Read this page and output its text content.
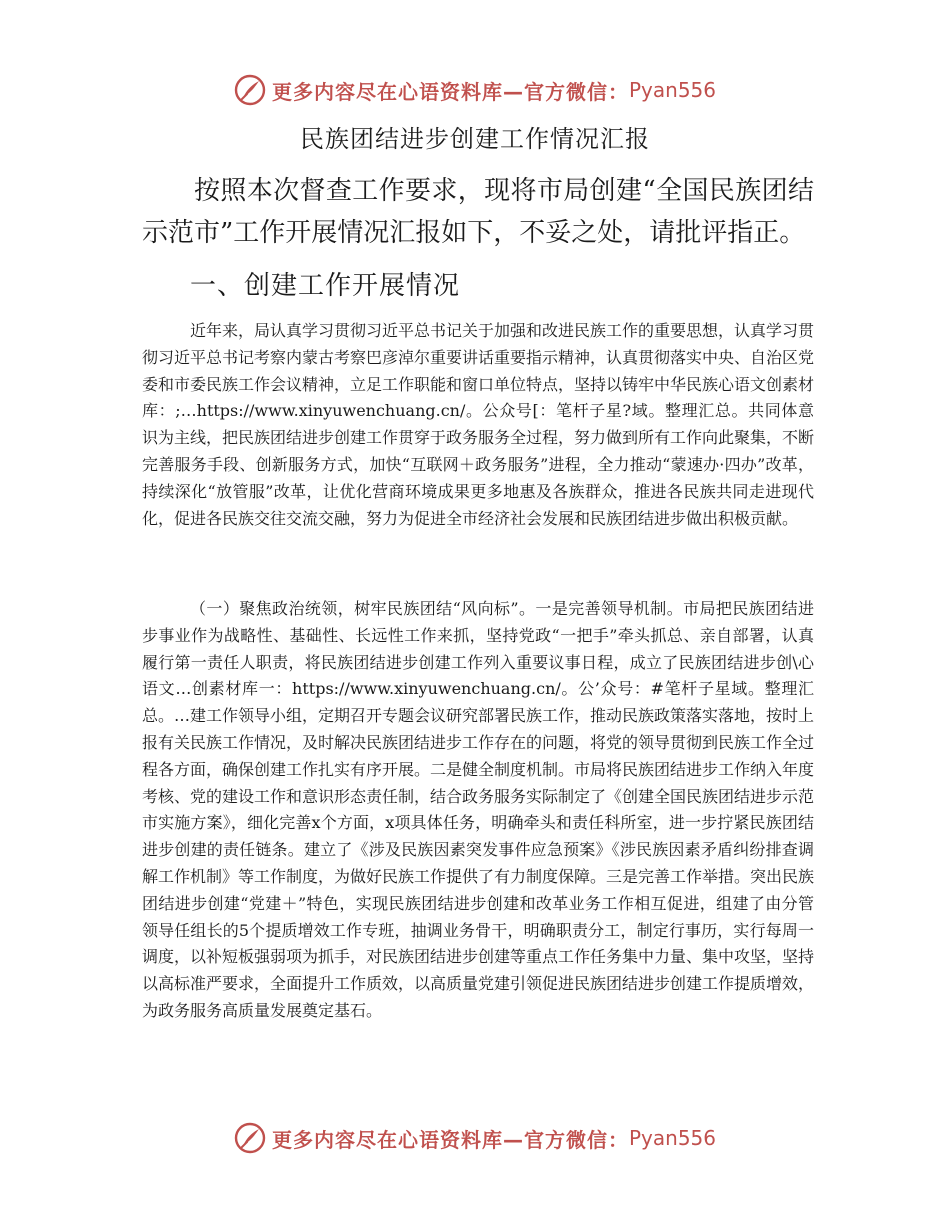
更多内容尽在心语资料库—官方微信： Pyan556
民族团结进步创建工作情况汇报

按照本次督查工作要求，现将市局创建“全国民族团结示范市”工作开展情况汇报如下，不妥之处，请批评指正。

一、创建工作开展情况

近年来，局认真学习贯彻习近平总书记关于加强和改进民族工作的重要思想，认真学习贯彻习近平总书记考察内蒙古考察巴彦淖尔重要讲话重要指示精神，认真贯彻落实中央、自治区党委和市委民族工作会议精神，立足工作职能和窗口单位特点，坚持以铸牢中华民族心语文创素材库：;…https://www.xinyuwenchuang.cn/。公众号[：笔杆子星?域。整理汇总。共同体意识为主线，把民族团结进步创建工作贯穿于政务服务全过程，努力做到所有工作向此聚集，不断完善服务手段、创新服务方式，加快“互联网＋政务服务”进程，全力推动“蒙速办·四办”改革，持续深化“放管服”改革，让优化营商环境成果更多地惠及各族群众，推进各民族共同走进现代化，促进各民族交往交流交融，努力为促进全市经济社会发展和民族团结进步做出积极贡献。

（一）聚焦政治统领，树牢民族团结“风向标”。一是完善领导机制。市局把民族团结进步事业作为战略性、基础性、长远性工作来抓，坚持党政“一把手”牵头抓总、亲自部署，认真履行第一责任人职责，将民族团结进步创建工作列入重要议事日程，成立了民族团结进步创\心语文…创素材库一：https://www.xinyuwenchuang.cn/。公’众号：#笔杆子星域。整理汇总。…建工作领导小组，定期召开专题会议研究部署民族工作，推动民族政策落实落地，按时上报有关民族工作情况，及时解决民族团结进步工作存在的问题，将党的领导贯彻到民族工作全过程各方面，确保创建工作扎实有序开展。二是健全制度机制。市局将民族团结进步工作纳入年度考核、党的建设工作和意识形态责任制，结合政务服务实际制定了《创建全国民族团结进步示范市实施方案》，细化完善x个方面，x项具体任务，明确牵头和责任科所室，进一步拧紧民族团结进步创建的责任链条。建立了《涉及民族因素突发事件应急预案》《涉民族因素矛盾纠纷排查调解工作机制》等工作制度，为做好民族工作提供了有力制度保障。三是完善工作举措。突出民族团结进步创建“党建＋”特色，实现民族团结进步创建和改革业务工作相互促进，组建了由分管领导任组长的5个提质增效工作专班，抽调业务骨干，明确职责分工，制定行事历，实行每周一调度，以补短板强弱项为抓手，对民族团结进步创建等重点工作任务集中力量、集中攻坚，坚持以高标准严要求，全面提升工作质效，以高质量党建引领促进民族团结进步创建工作提质增效，为政务服务高质量发展奠定基石。

更多内容尽在心语资料库—官方微信： Pyan556
